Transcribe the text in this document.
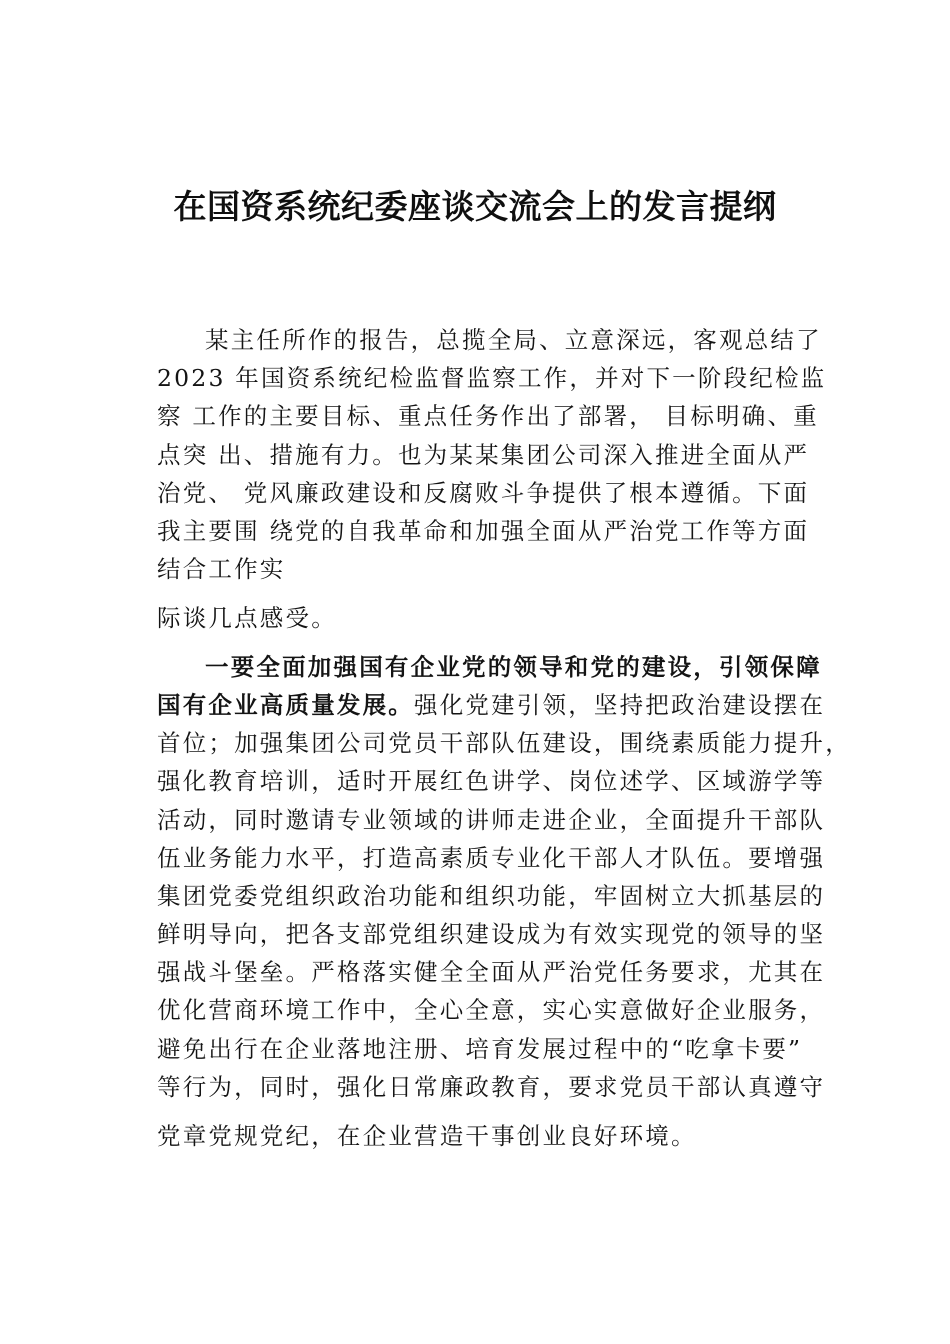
在国资系统纪委座谈交流会上的发言提纲

某主任所作的报告，总揽全局、立意深远，客观总结了

2023 年国资系统纪检监督监察工作，并对下一阶段纪检监

察 工作的主要目标、重点任务作出了部署， 目标明确、重

点突 出、措施有力。也为某某集团公司深入推进全面从严

治党、 党风廉政建设和反腐败斗争提供了根本遵循。下面

我主要围 绕党的自我革命和加强全面从严治党工作等方面

结合工作实

际谈几点感受。

一要全面加强国有企业党的领导和党的建设，引领保障

国有企业高质量发展。强化党建引领，坚持把政治建设摆在

首位；加强集团公司党员干部队伍建设，围绕素质能力提升，

强化教育培训，适时开展红色讲学、岗位述学、区域游学等

活动，同时邀请专业领域的讲师走进企业，全面提升干部队

伍业务能力水平，打造高素质专业化干部人才队伍。要增强

集团党委党组织政治功能和组织功能，牢固树立大抓基层的

鲜明导向，把各支部党组织建设成为有效实现党的领导的坚

强战斗堡垒。严格落实健全全面从严治党任务要求，尤其在

优化营商环境工作中，全心全意，实心实意做好企业服务，

避免出行在企业落地注册、培育发展过程中的“吃拿卡要”

等行为，同时，强化日常廉政教育，要求党员干部认真遵守

党章党规党纪，在企业营造干事创业良好环境。
